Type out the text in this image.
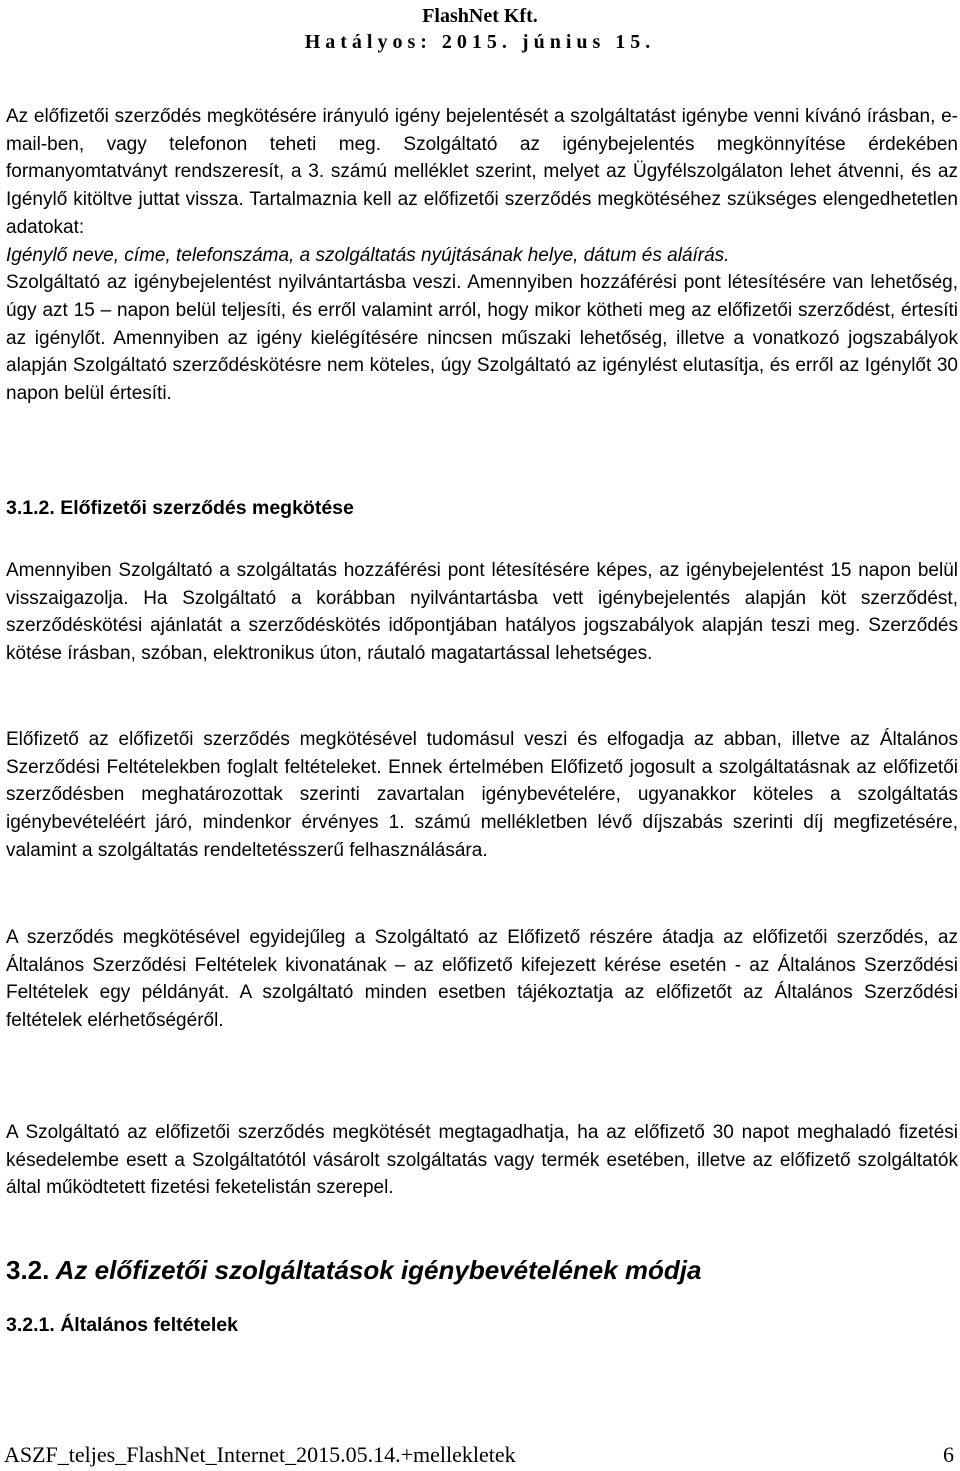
FlashNet Kft.
Hatályos: 2015. június 15.

Az előfizetői szerződés megkötésére irányuló igény bejelentését a szolgáltatást igénybe venni kívánó írásban, e-mail-ben, vagy telefonon teheti meg. Szolgáltató az igénybejelentés megkönnyítése érdekében formanyomtatványt rendszeresít, a 3. számú melléklet szerint, melyet az Ügyfélszolgálaton lehet átvenni, és az Igénylő kitöltve juttat vissza. Tartalmaznia kell az előfizetői szerződés megkötéséhez szükséges elengedhetetlen adatokat:

Igénylő neve, címe, telefonszáma, a szolgáltatás nyújtásának helye, dátum és aláírás.

Szolgáltató az igénybejelentést nyilvántartásba veszi. Amennyiben hozzáférési pont létesítésére van lehetőség, úgy azt 15 – napon belül teljesíti, és erről valamint arról, hogy mikor kötheti meg az előfizetői szerződést, értesíti az igénylőt. Amennyiben az igény kielégítésére nincsen műszaki lehetőség, illetve a vonatkozó jogszabályok alapján Szolgáltató szerződéskötésre nem köteles, úgy Szolgáltató az igénylést elutasítja, és erről az Igénylőt 30 napon belül értesíti.

3.1.2. Előfizetői szerződés megkötése

Amennyiben Szolgáltató a szolgáltatás hozzáférési pont létesítésére képes, az igénybejelentést 15 napon belül visszaigazolja. Ha Szolgáltató a korábban nyilvántartásba vett igénybejelentés alapján köt szerződést, szerződéskötési ajánlatát a szerződéskötés időpontjában hatályos jogszabályok alapján teszi meg. Szerződés kötése írásban, szóban, elektronikus úton, ráutaló magatartással lehetséges.

Előfizető az előfizetői szerződés megkötésével tudomásul veszi és elfogadja az abban, illetve az Általános Szerződési Feltételekben foglalt feltételeket. Ennek értelmében Előfizető jogosult a szolgáltatásnak az előfizetői szerződésben meghatározottak szerinti zavartalan igénybevételére, ugyanakkor köteles a szolgáltatás igénybevételéért járó, mindenkor érvényes 1. számú mellékletben lévő díjszabás szerinti díj megfizetésére, valamint a szolgáltatás rendeltetésszerű felhasználására.

A szerződés megkötésével egyidejűleg a Szolgáltató az Előfizető részére átadja az előfizetői szerződés, az Általános Szerződési Feltételek kivonatának – az előfizető kifejezett kérése esetén - az Általános Szerződési Feltételek egy példányát. A szolgáltató minden esetben tájékoztatja az előfizetőt az Általános Szerződési feltételek elérhetőségéről.

A Szolgáltató az előfizetői szerződés megkötését megtagadhatja, ha az előfizető 30 napot meghaladó fizetési késedelembe esett a Szolgáltatótól vásárolt szolgáltatás vagy termék esetében, illetve az előfizető szolgáltatók által működtetett fizetési feketelistán szerepel.

3.2. Az előfizetői szolgáltatások igénybevételének módja
3.2.1. Általános feltételek
ASZF_teljes_FlashNet_Internet_2015.05.14.+mellekletek	6
